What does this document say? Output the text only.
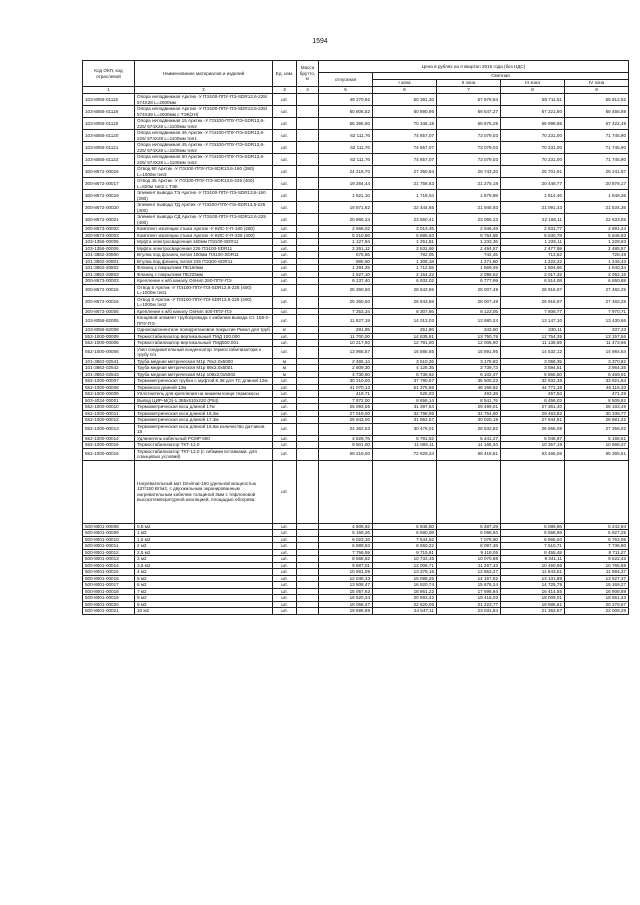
1594
Код ОКП, код отраслевой	Наименование материалов и изделий	Ед. изм.	Масса брутто, кг	Цена в рублях на II квартал 2016 года (без НДС)				
				отпускная	Сметная			
					I зона	II зона	III зона	IV зона
1	2	3	4	5	6	7	8	9
103-8055-01115	Опора неподвижная Арктик -У ПЭ100-ППУ-ПЭ-SDR13,6-225/ 574Х28 L=2000мм	шт.		49 270,92	50 381,30	57 976,84	55 711,51	56 812,52
103-8055-01118	Опора неподвижная Арктик -У ПЭ100-ППУ-ПЭ-SDR13,6-225/ 574Х28 L=2000мм с ТЭК(2Н)	шт.		50 806,52	60 890,96	59 547,27	57 221,80	58 456,69
103-8055-01119	Опора неподвижная 15 Арктик -У ПЭ100-ППУ-ПЭ-SDR13,6-225/ 574Х28 L=1100мм тип2	шт.		56 366,90	70 346,18	68 675,28	65 998,86	67 422,49
103-8055-01120	Опора неподвижная 45 Арктик -У ПЭ100-ППУ-ПЭ-SDR13,6-225/ 574Х28 L=1100мм тип1	шт.		62 111,76	74 657,07	73 079,03	70 231,00	71 745,90
103-8055-01121	Опора неподвижная 45 Арктик -У ПЭ100-ППУ-ПЭ-SDR13,6-225/ 574Х28 L=1100мм тип2	шт.		62 111,76	74 657,07	73 079,03	70 231,00	71 745,90
103-8055-01122	Опора неподвижная 60 Арктик -У ПЭ100-ППУ-ПЭ-SDR13,6-225/ 574Х28 L=1100мм тип2	шт.		62 111,76	74 657,07	73 079,03	70 231,00	71 745,90
300-8672-00016	Отвод 90 Арктик -У ПЭ100-ППУ-ПЭ-SDR13,6-160 (280) L=1000м тип3	шт.		24 215,70	27 350,84	26 743,20	25 701,91	26 241,87
300-8672-00017	Отвод 45 Арктик -У ПЭ100-ППУ-ПЭ-SDR13,6-225 (400) L=820м тип2 с ТЭК	шт.		19 284,44	21 758,63	21 275,18	20 446,77	20 876,17
300-8672-00019	Элемент вывода ТЭ Арктик -У ПЭ100-ППУ-ПЭ-SDR13,6-160 (280)	шт.		1 521,10	1 718,04	1 679,88	1 614,46	1 648,36
300-8672-00020	Элемент вывода ТД Арктик -У ПЭ100-ППУ-ПЭ-SDR13,6-225 (400)	шт.		19 871,82	22 444,65	21 945,93	21 091,43	21 534,36
300-8672-00021	Элемент вывода СД Арктик -У ПЭ100-ППУ-ПЭ-SDR13,6-225 (400)	шт.		20 866,24	23 560,41	23 066,23	22 166,11	22 633,65
300-8673-00002	Комплект изоляции стыка Арктик -У КИС-У-П-160 (280)	шт.		2 668,02	3 013,45	2 946,49	2 831,77	2 891,24
300-8673-00003	Комплект изоляции стыка Арктик -У КИС-У-П-225 (400)	шт.		5 210,96	5 885,63	5 754,85	5 530,78	5 646,93
103-1356-00005	Муфта электросварочная 160мм ПЭ100-SDR11	шт.		1 127,84	1 251,81	1 233,36	1 225,11	1 228,93
103-1356-00006	Муфта электросварочная 225 ПЭ100-SDR11	шт.		2 261,12	2 531,66	2 494,57	2 477,98	2 485,57
101-3862-20800	Втулка под фланец литая 160мм ПЭ100-SDR11	шт.		575,86	782,05	742,45	713,62	728,49
101-3862-20801	Втулка под фланец литая 225 ПЭ100-SDR11	шт.		985,60	1 308,18	1 271,60	1 222,22	1 246,43
101-3862-20802	Фланец с покрытием ПЕ160мм	шт.		1 294,25	1 712,55	1 669,49	1 604,66	1 640,34
101-3862-20803	Фланец с покрытием ПЕ225мм	шт.		1 627,10	2 154,22	2 098,52	2 017,32	2 062,16
300-8673-00003	Крепление к ж/б каналу ОпНип 280-ППУ-ПЭ	шт.		6 137,40	6 932,02	6 777,99	6 514,08	6 650,88
300-8672-00015	Отвод 5 Арктик -У ПЭ100-ППУ-ПЭ-SDR13,6-225 (400) L=1000м тип1	шт.		25 360,50	28 643,86	28 007,49	26 916,97	27 482,25
300-8672-00016	Отвод 5 Арктик -У ПЭ100-ППУ-ПЭ-SDR13,6-225 (400) L=1000м тип2	шт.		25 360,50	28 643,86	28 007,49	26 916,97	27 482,25
300-8673-00006	Крепление к ж/б каналу ОпНип 400-ППУ-ПЭ	шт.		7 353,34	8 307,66	8 123,05	7 806,77	7 970,71
103-8055-82005	Концевой элемент трубопровода с кабелем вывода Ст. 159-2-ППУ-ПЭ	шт.		11 827,19	14 013,03	13 680,24	13 147,10	13 430,66
103-8055-82008	Однокомпонентное полиуретановое покрытие Рикол для труб	кг		281,85	351,86	343,50	330,11	337,23
552-1000-00009	Термостабилизатор вертикальный ТМД 100.000	шт.		11 700,00	14 635,81	13 750,78	12 754,35	13 157,56
552-1000-00005	Термостабилизатор вертикальный ТМД500.001	шт.		10 217,90	12 781,90	12 008,90	11 138,69	11 473,96
552-1000-00006	Узел соединительный конденсатор термостабилизатора к трубу п/э	шт.		13 965,57	16 885,65	15 691,95	14 532,12	14 984,64
101-3862-02541	Труба медная метрическая М1р 76х2,0х5000	м		2 465,14	3 510,26	3 178,93	3 058,35	3 370,82
101-3862-02542	Труба медная метрическая М1р 89х2,0х5001	м		2 809,30	4 128,35	3 739,73	3 594,51	3 964,35
101-3862-02543	Труба медная метрическая М1р 108х2,0х5002	м		4 730,50	6 736,62	6 102,47	5 865,50	6 469,01
552-1000-00007	Термометрическая трубка с муфтой К.38 для ТС длиной 12м	шт.		30 210,00	37 790,57	35 505,23	32 932,38	33 921,84
552-1000-00008	Термокоса длиной 13м	шт.		41 070,13	51 375,86	48 268,92	44 771,18	46 116,33
552-1000-00009	Уплотнитель для крепления на нижнем конце термокосы	шт.		419,71	525,03	493,28	457,53	471,29
503-4034-00001	Вывод ЦИР-М(З)-1.385х510х220 (Р54)	шт.		7 872,00	8 656,14	8 541,76	8 456,03	8 509,82
552-1000-00010	Термометрическая коса длиной 17м	шт.		25 093,55	31 397,64	29 499,01	27 361,40	28 183,49
552-1000-00011	Термометрическая коса длиной 18,3м	шт.		27 019,00	32 798,95	31 754,90	29 453,82	30 338,77
552-1000-00012	Термометрическая коса длиной 17,3м	шт.		25 643,00	31 952,57	30 020,19	27 844,81	28 681,42
552-1000-00013	Термометрическая коса длиной 16,5м количество датчиков 18	шт.		24 362,63	30 476,01	28 632,92	26 558,08	27 356,02
552-1000-00014	Удлинитель кабельный PCMP 650	шт.		4 629,76	5 791,52	5 441,27	5 046,97	5 198,61
552-1000-00015	Термостабилизатор ТКТ-12,0	шт.		9 501,00	11 885,11	11 166,34	10 357,19	10 668,37
552-1000-00016	Термостабилизатор ТКТ-12,0 (с гибкими вставками, для сланцевых условий)	шт.		58 219,00	72 829,34	68 418,81	63 466,06	65 365,51
	Нагревательный мат Devimat-150 удельной мощностью 137/150 Вт/м2, с двухжильным экранированным нагревательным кабелем толщиной 3мм с тефлоновой высокотемпературной изоляцией, площадью обогрева:	шт.						
500-8001-00008	0,5 м2	шт.		4 608,92	5 848,50	5 487,29	5 089,66	5 242,94
500-8001-00009	1 м2	шт.		5 159,26	6 690,08	6 098,64	5 658,59	5 827,25
500-8001-00010	1,5 м2	шт.		6 023,16	7 644,62	7 078,90	6 565,04	6 763,06
500-8001-00011	2 м2	шт.		6 889,53	8 650,22	8 097,48	7 510,71	7 736,90
500-8001-00012	2,5 м2	шт.		7 756,59	9 715,61	9 118,06	8 455,48	8 711,27
500-8001-00013	3 м2	шт.		8 568,82	10 733,45	10 070,88	9 341,11	9 622,43
500-8001-00014	3,5 м2	шт.		9 587,01	12 008,71	11 267,43	10 450,95	10 765,69
500-8001-00015	4 м2	шт.		10 681,09	13 379,15	12 553,27	11 643,61	11 994,27
500-8001-00016	5 м2	шт.		12 046,33	15 089,26	14 157,82	13 131,89	13 527,37
500-8001-00017	6 м2	шт.		13 508,47	16 920,74	15 876,24	14 725,79	15 169,27
500-8001-00018	7 м2	шт.		15 057,63	18 861,22	17 696,94	16 414,55	16 908,89
500-8001-00019	8 м2	шт.		16 520,34	20 693,42	19 416,03	18 009,01	18 551,43
500-8001-00020	9 м2	шт.		18 058,47	22 620,06	21 223,77	19 685,61	20 278,67
500-8001-00021	10 м2	шт.		19 596,89	24 547,11	23 031,84	21 362,67	22 006,29
